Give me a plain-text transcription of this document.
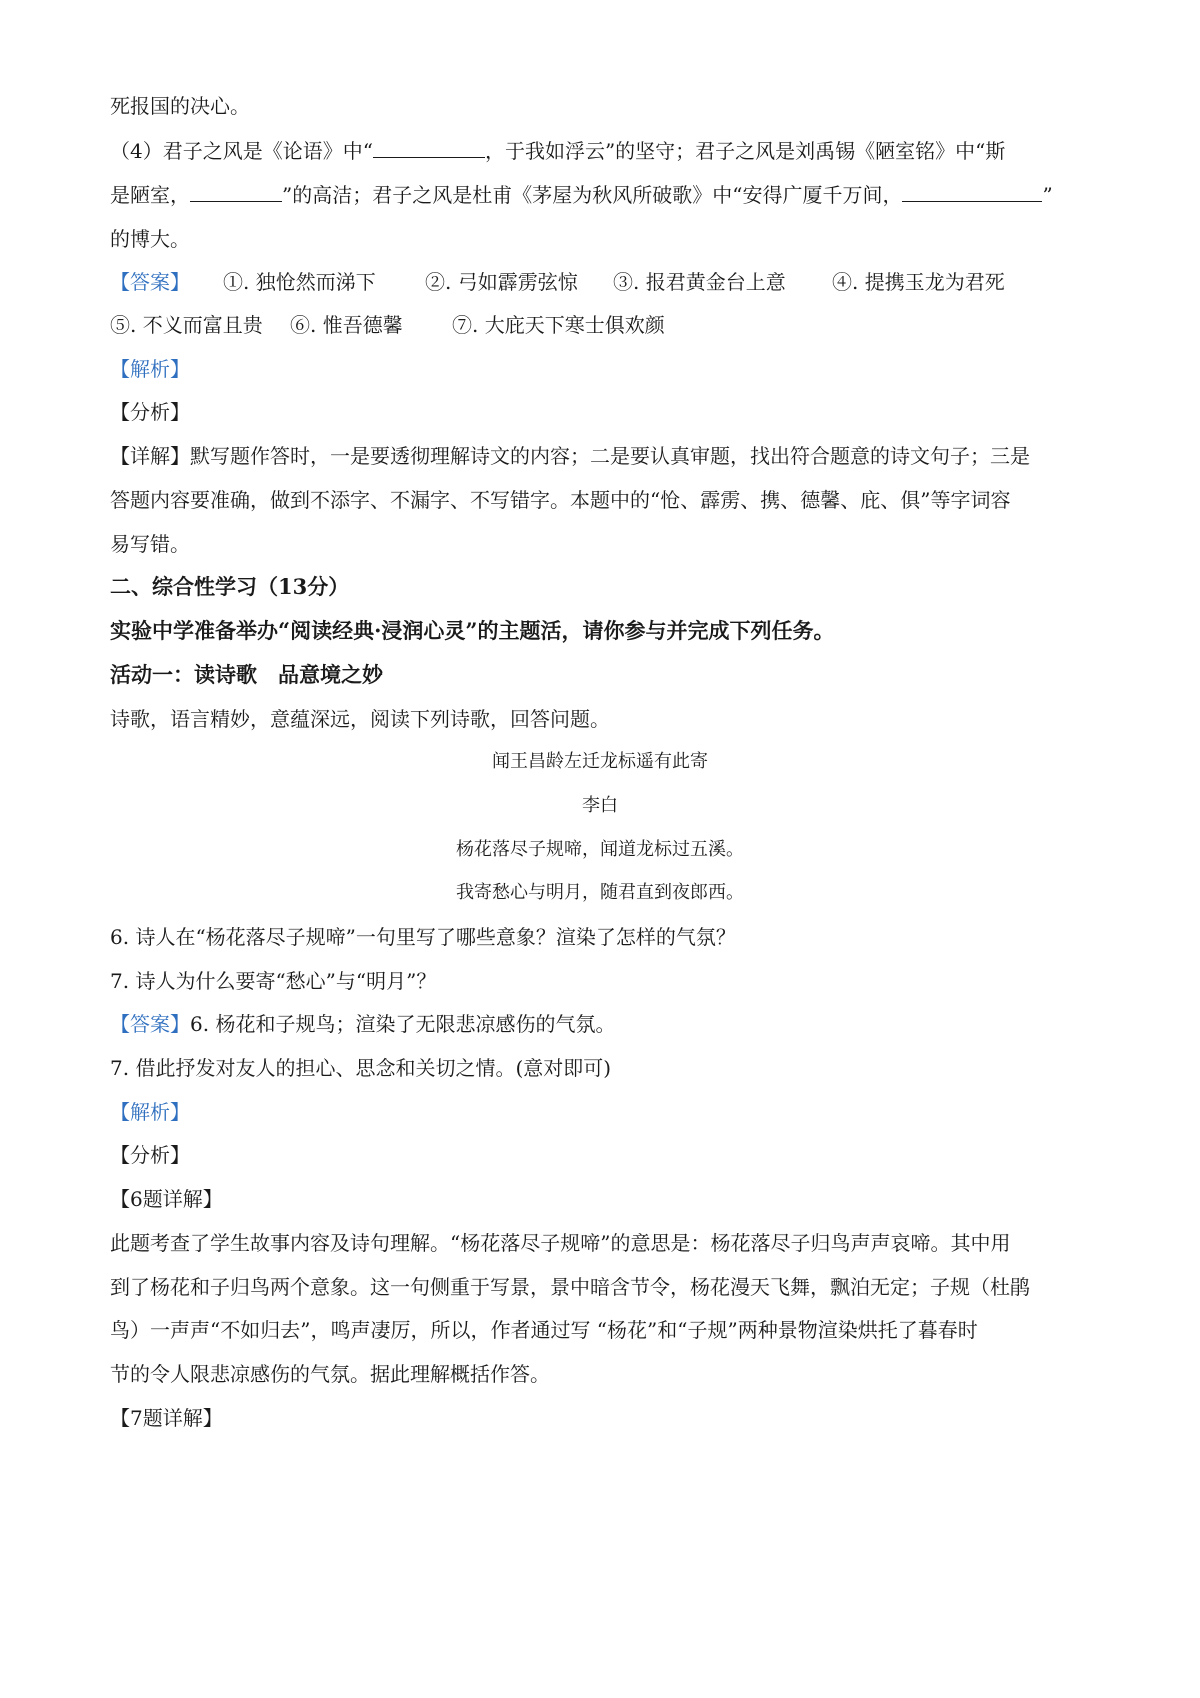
死报国的决心。
（4）君子之风是《论语》中“	，于我如浮云”的坚守；君子之风是刘禹锡《陋室铭》中“斯
是陋室，	”的高洁；君子之风是杜甫《茅屋为秋风所破歌》中“安得广厦千万间，	”
的博大。
【答案】 ①. 独怆然而涕下 ②. 弓如霹雳弦惊 ③. 报君黄金台上意 ④. 提携玉龙为君死
⑤. 不义而富且贵 ⑥. 惟吾德馨 ⑦. 大庇天下寒士俱欢颜
【解析】
【分析】
【详解】默写题作答时，一是要透彻理解诗文的内容；二是要认真审题，找出符合题意的诗文句子；三是
答题内容要准确，做到不添字、不漏字、不写错字。本题中的“怆、霹雳、携、德馨、庇、俱”等字词容
易写错。
二、综合性学习（13分）
实验中学准备举办“阅读经典·浸润心灵”的主题活，请你参与并完成下列任务。
活动一：读诗歌　品意境之妙
诗歌，语言精妙，意蕴深远，阅读下列诗歌，回答问题。
闻王昌龄左迁龙标遥有此寄
李白
杨花落尽子规啼，闻道龙标过五溪。
我寄愁心与明月，随君直到夜郎西。
6. 诗人在“杨花落尽子规啼”一句里写了哪些意象？渲染了怎样的气氛？
7. 诗人为什么要寄“愁心”与“明月”？
【答案】6. 杨花和子规鸟；渲染了无限悲凉感伤的气氛。
7. 借此抒发对友人的担心、思念和关切之情。(意对即可)
【解析】
【分析】
【6题详解】
此题考查了学生故事内容及诗句理解。“杨花落尽子规啼”的意思是：杨花落尽子归鸟声声哀啼。其中用
到了杨花和子归鸟两个意象。这一句侧重于写景，景中暗含节令，杨花漫天飞舞，飘泊无定；子规（杜鹃
鸟）一声声“不如归去”，鸣声凄厉，所以，作者通过写 “杨花”和“子规”两种景物渲染烘托了暮春时
节的令人限悲凉感伤的气氛。据此理解概括作答。
【7题详解】
